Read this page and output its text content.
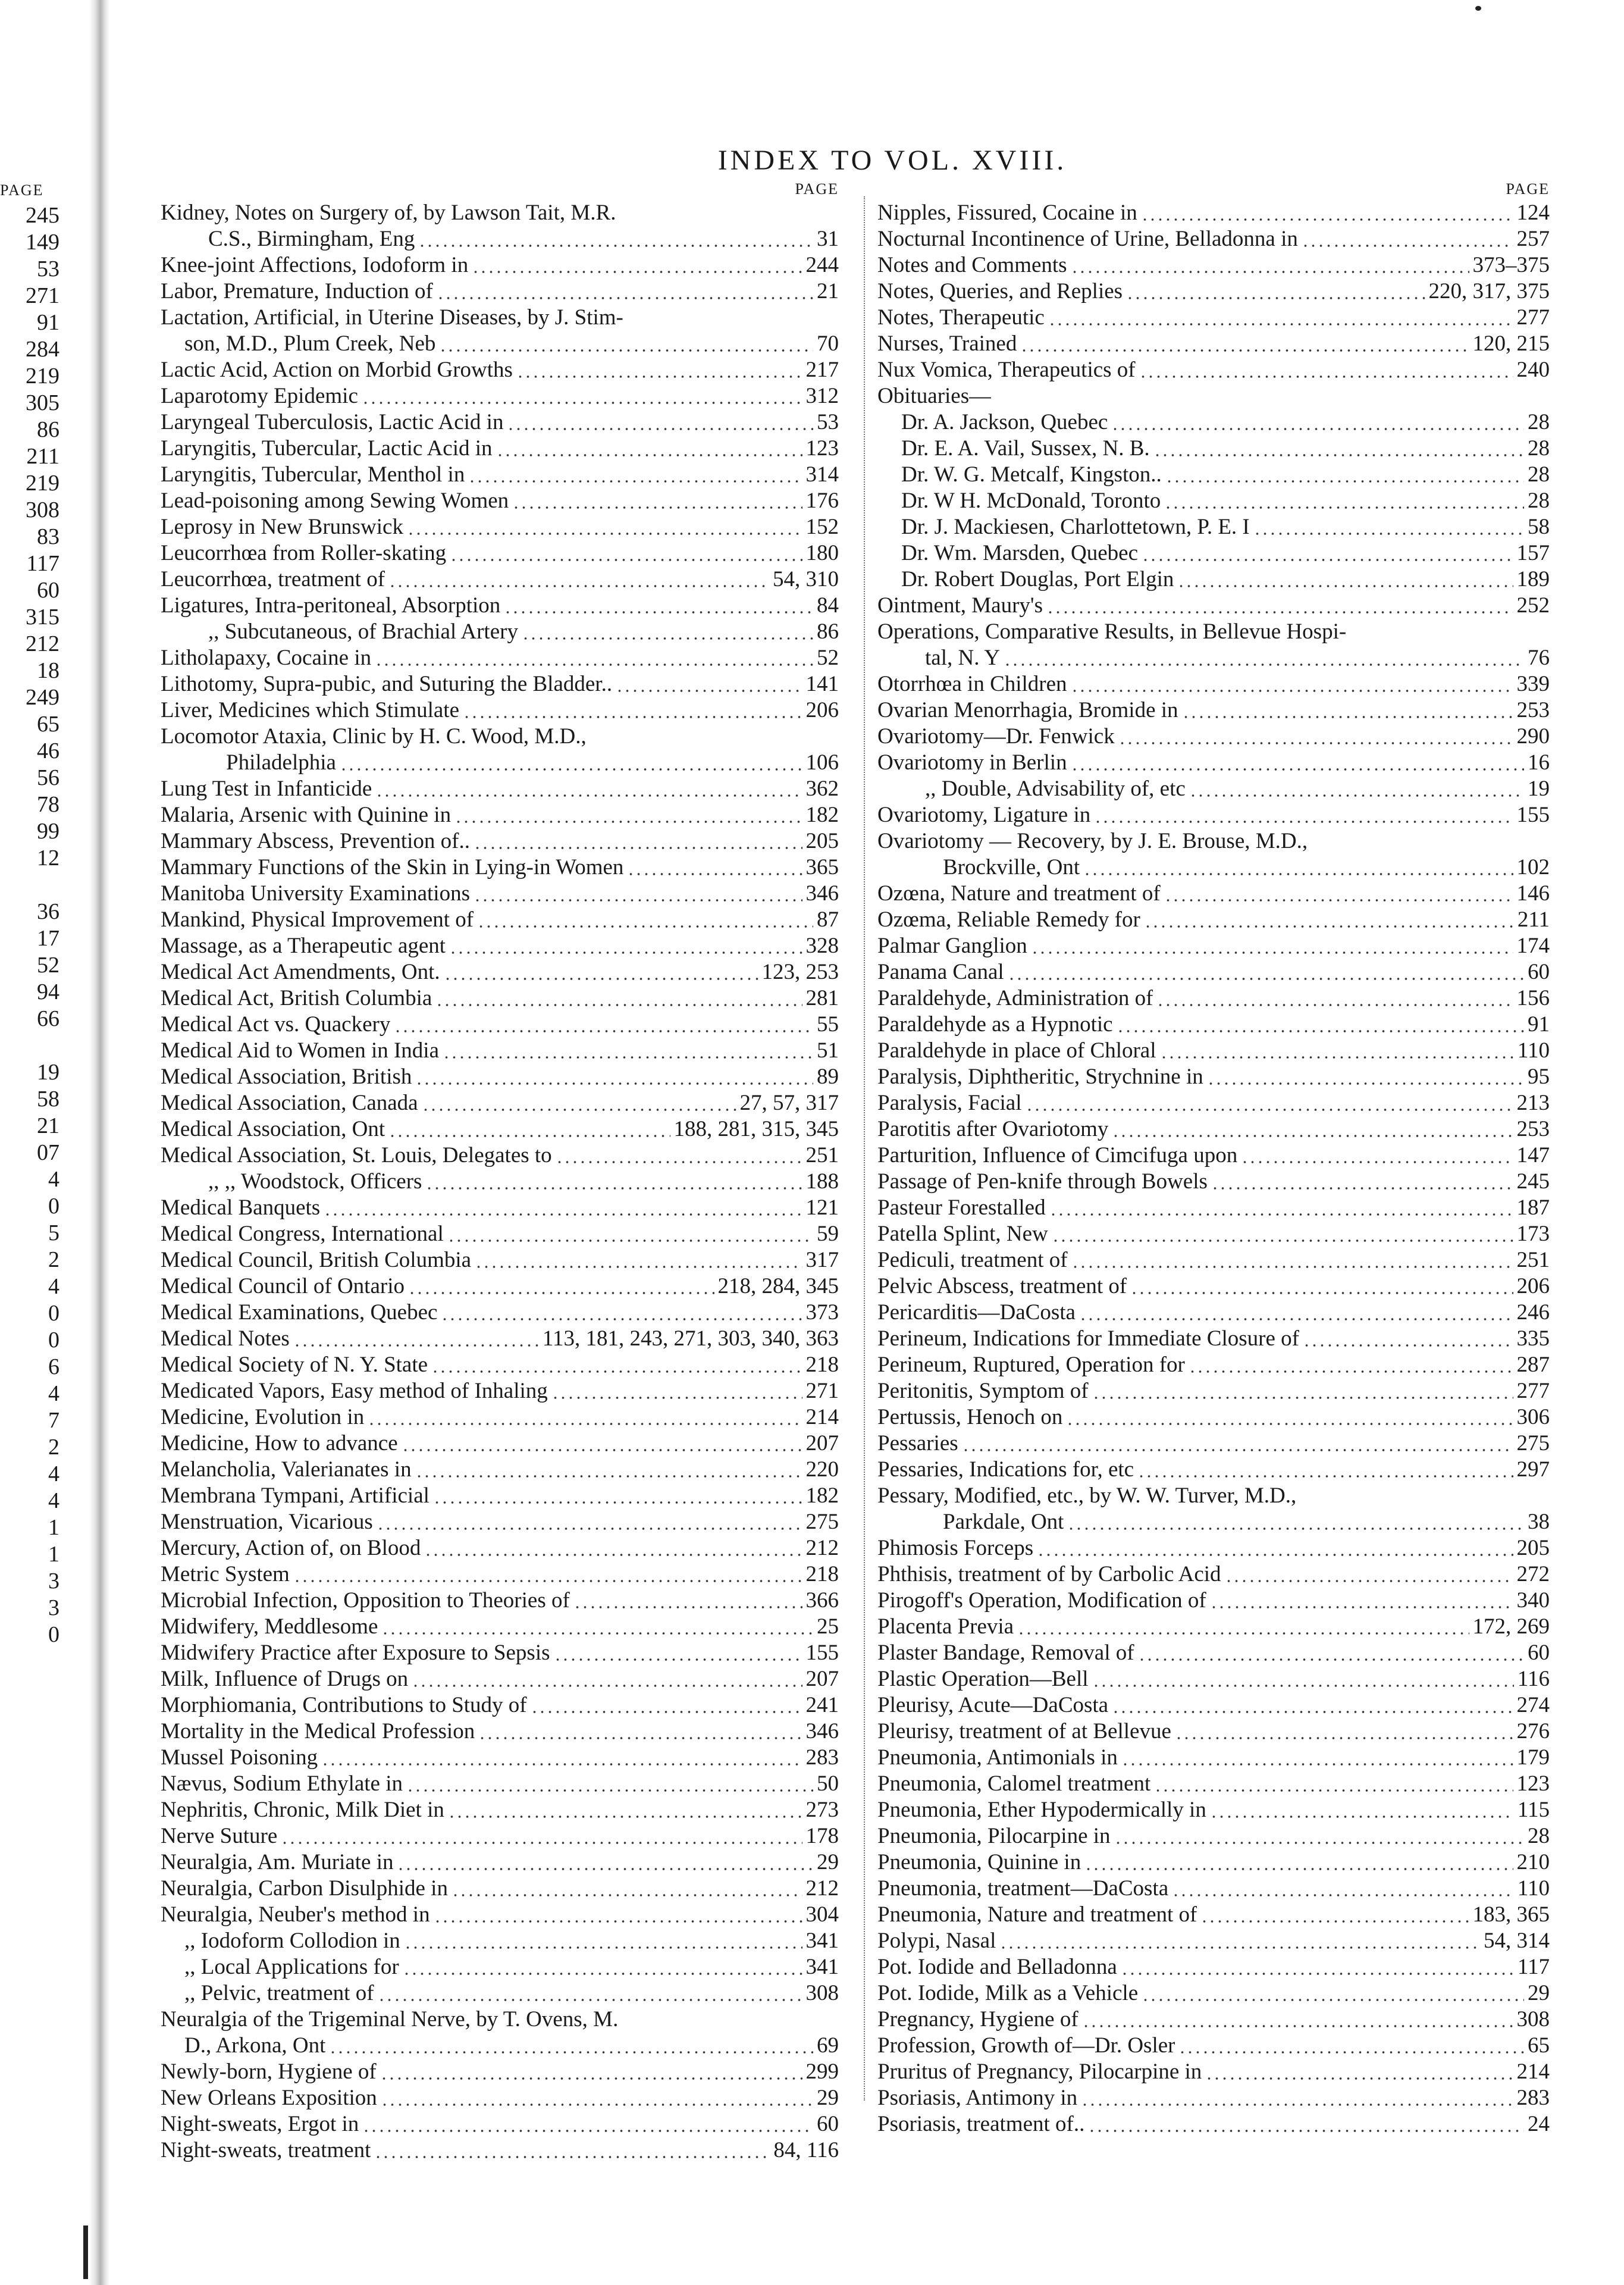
PAGE
245
149
53
271
91
284
219
305
86
211
219
308
83
117
60
315
212
18
249
65
46
56
78
99
12
36
17
52
94
66
19
58
21
07
4
0
5
2
4
0
0
6
4
7
2
4
4
1
1
3
3
0
INDEX TO VOL. XVIII.
PAGE
Kidney, Notes on Surgery of, by Lawson Tait, M.R.
C.S., Birmingham, Eng	31
Knee-joint Affections, Iodoform in	244
Labor, Premature, Induction of	21
Lactation, Artificial, in Uterine Diseases, by J. Stim-
son, M.D., Plum Creek, Neb	70
Lactic Acid, Action on Morbid Growths	217
Laparotomy Epidemic	312
Laryngeal Tuberculosis, Lactic Acid in	53
Laryngitis, Tubercular, Lactic Acid in	123
Laryngitis, Tubercular, Menthol in	314
Lead-poisoning among Sewing Women	176
Leprosy in New Brunswick	152
Leucorrhœa from Roller-skating	180
Leucorrhœa, treatment of	54, 310
Ligatures, Intra-peritoneal, Absorption	84
,, Subcutaneous, of Brachial Artery	86
Litholapaxy, Cocaine in	52
Lithotomy, Supra-pubic, and Suturing the Bladder..	141
Liver, Medicines which Stimulate	206
Locomotor Ataxia, Clinic by H. C. Wood, M.D.,
Philadelphia	106
Lung Test in Infanticide	362
Malaria, Arsenic with Quinine in	182
Mammary Abscess, Prevention of..	205
Mammary Functions of the Skin in Lying-in Women	365
Manitoba University Examinations	346
Mankind, Physical Improvement of	87
Massage, as a Therapeutic agent	328
Medical Act Amendments, Ont.	123, 253
Medical Act, British Columbia	281
Medical Act vs. Quackery	55
Medical Aid to Women in India	51
Medical Association, British	89
Medical Association, Canada	27, 57, 317
Medical Association, Ont	188, 281, 315, 345
Medical Association, St. Louis, Delegates to	251
,, ,, Woodstock, Officers	188
Medical Banquets	121
Medical Congress, International	59
Medical Council, British Columbia	317
Medical Council of Ontario	218, 284, 345
Medical Examinations, Quebec	373
Medical Notes	113, 181, 243, 271, 303, 340, 363
Medical Society of N. Y. State	218
Medicated Vapors, Easy method of Inhaling	271
Medicine, Evolution in	214
Medicine, How to advance	207
Melancholia, Valerianates in	220
Membrana Tympani, Artificial	182
Menstruation, Vicarious	275
Mercury, Action of, on Blood	212
Metric System	218
Microbial Infection, Opposition to Theories of	366
Midwifery, Meddlesome	25
Midwifery Practice after Exposure to Sepsis	155
Milk, Influence of Drugs on	207
Morphiomania, Contributions to Study of	241
Mortality in the Medical Profession	346
Mussel Poisoning	283
Nævus, Sodium Ethylate in	50
Nephritis, Chronic, Milk Diet in	273
Nerve Suture	178
Neuralgia, Am. Muriate in	29
Neuralgia, Carbon Disulphide in	212
Neuralgia, Neuber's method in	304
,, Iodoform Collodion in	341
,, Local Applications for	341
,, Pelvic, treatment of	308
Neuralgia of the Trigeminal Nerve, by T. Ovens, M.
D., Arkona, Ont	69
Newly-born, Hygiene of	299
New Orleans Exposition	29
Night-sweats, Ergot in	60
Night-sweats, treatment	84, 116
PAGE
Nipples, Fissured, Cocaine in	124
Nocturnal Incontinence of Urine, Belladonna in	257
Notes and Comments	373–375
Notes, Queries, and Replies	220, 317, 375
Notes, Therapeutic	277
Nurses, Trained	120, 215
Nux Vomica, Therapeutics of	240
Obituaries—
Dr. A. Jackson, Quebec	28
Dr. E. A. Vail, Sussex, N. B.	28
Dr. W. G. Metcalf, Kingston..	28
Dr. W H. McDonald, Toronto	28
Dr. J. Mackiesen, Charlottetown, P. E. I	58
Dr. Wm. Marsden, Quebec	157
Dr. Robert Douglas, Port Elgin	189
Ointment, Maury's	252
Operations, Comparative Results, in Bellevue Hospi-
tal, N. Y	76
Otorrhœa in Children	339
Ovarian Menorrhagia, Bromide in	253
Ovariotomy—Dr. Fenwick	290
Ovariotomy in Berlin	16
,, Double, Advisability of, etc	19
Ovariotomy, Ligature in	155
Ovariotomy — Recovery, by J. E. Brouse, M.D.,
Brockville, Ont	102
Ozœna, Nature and treatment of	146
Ozœma, Reliable Remedy for	211
Palmar Ganglion	174
Panama Canal	60
Paraldehyde, Administration of	156
Paraldehyde as a Hypnotic	91
Paraldehyde in place of Chloral	110
Paralysis, Diphtheritic, Strychnine in	95
Paralysis, Facial	213
Parotitis after Ovariotomy	253
Parturition, Influence of Cimcifuga upon	147
Passage of Pen-knife through Bowels	245
Pasteur Forestalled	187
Patella Splint, New	173
Pediculi, treatment of	251
Pelvic Abscess, treatment of	206
Pericarditis—DaCosta	246
Perineum, Indications for Immediate Closure of	335
Perineum, Ruptured, Operation for	287
Peritonitis, Symptom of	277
Pertussis, Henoch on	306
Pessaries	275
Pessaries, Indications for, etc	297
Pessary, Modified, etc., by W. W. Turver, M.D.,
Parkdale, Ont	38
Phimosis Forceps	205
Phthisis, treatment of by Carbolic Acid	272
Pirogoff's Operation, Modification of	340
Placenta Previa	172, 269
Plaster Bandage, Removal of	60
Plastic Operation—Bell	116
Pleurisy, Acute—DaCosta	274
Pleurisy, treatment of at Bellevue	276
Pneumonia, Antimonials in	179
Pneumonia, Calomel treatment	123
Pneumonia, Ether Hypodermically in	115
Pneumonia, Pilocarpine in	28
Pneumonia, Quinine in	210
Pneumonia, treatment—DaCosta	110
Pneumonia, Nature and treatment of	183, 365
Polypi, Nasal	54, 314
Pot. Iodide and Belladonna	117
Pot. Iodide, Milk as a Vehicle	29
Pregnancy, Hygiene of	308
Profession, Growth of—Dr. Osler	65
Pruritus of Pregnancy, Pilocarpine in	214
Psoriasis, Antimony in	283
Psoriasis, treatment of..	24
